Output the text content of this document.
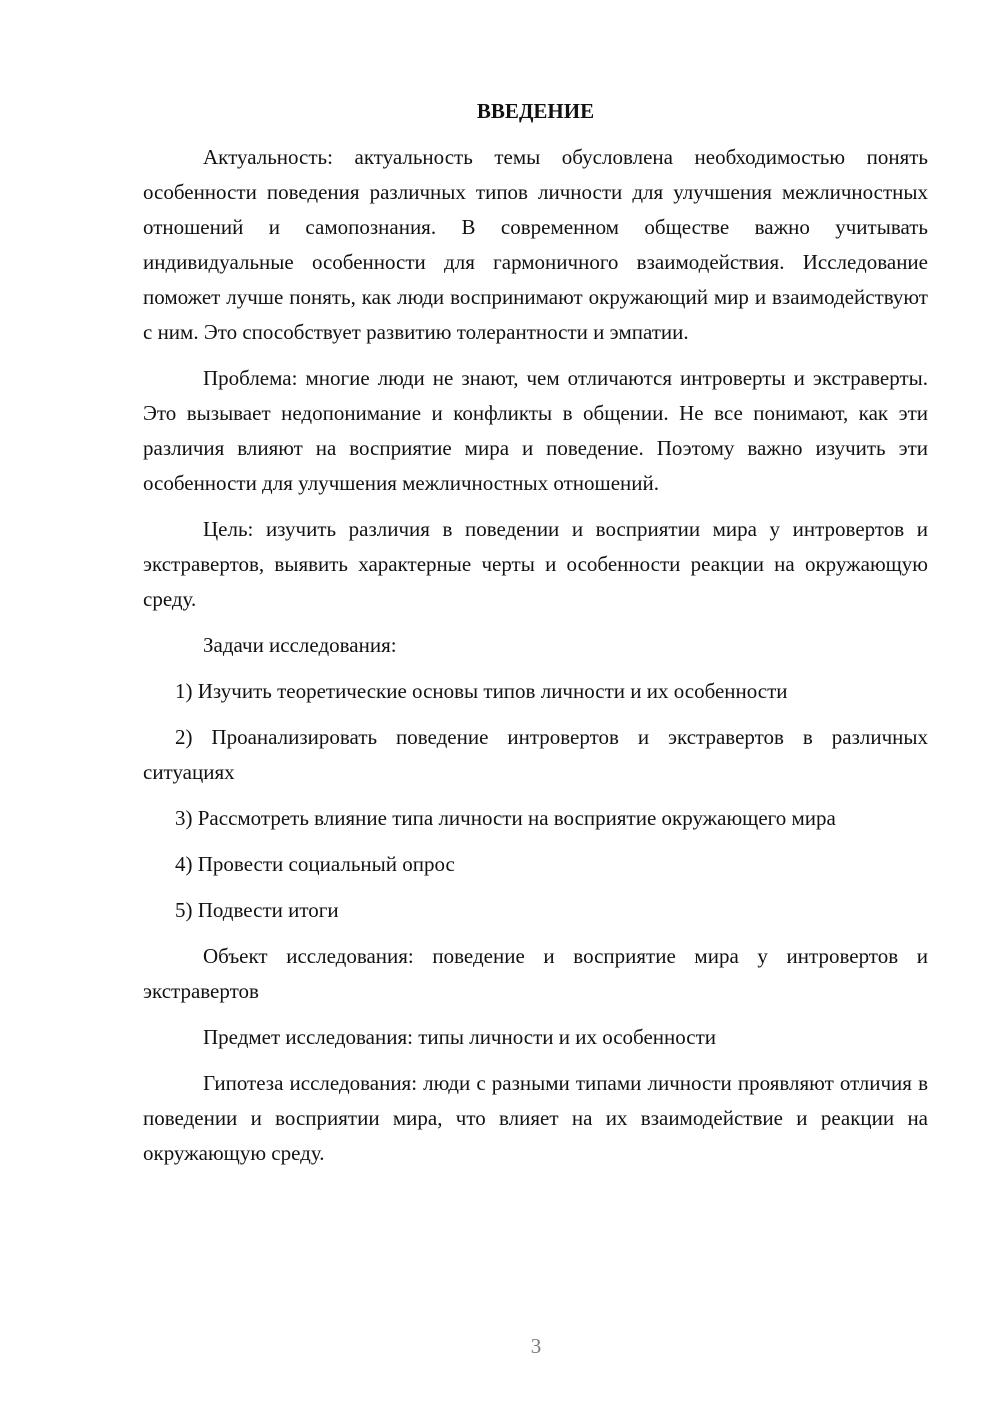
ВВЕДЕНИЕ

Актуальность: актуальность темы обусловлена необходимостью понять особенности поведения различных типов личности для улучшения межличностных отношений и самопознания. В современном обществе важно учитывать индивидуальные особенности для гармоничного взаимодействия. Исследование поможет лучше понять, как люди воспринимают окружающий мир и взаимодействуют с ним. Это способствует развитию толерантности и эмпатии.

Проблема: многие люди не знают, чем отличаются интроверты и экстраверты. Это вызывает недопонимание и конфликты в общении. Не все понимают, как эти различия влияют на восприятие мира и поведение. Поэтому важно изучить эти особенности для улучшения межличностных отношений.

Цель: изучить различия в поведении и восприятии мира у интровертов и экстравертов, выявить характерные черты и особенности реакции на окружающую среду.

Задачи исследования:

1) Изучить теоретические основы типов личности и их особенности

2) Проанализировать поведение интровертов и экстравертов в различных ситуациях

3) Рассмотреть влияние типа личности на восприятие окружающего мира

4) Провести социальный опрос

5) Подвести итоги

Объект исследования: поведение и восприятие мира у интровертов и экстравертов

Предмет исследования: типы личности и их особенности

Гипотеза исследования: люди с разными типами личности проявляют отличия в поведении и восприятии мира, что влияет на их взаимодействие и реакции на окружающую среду.

3
